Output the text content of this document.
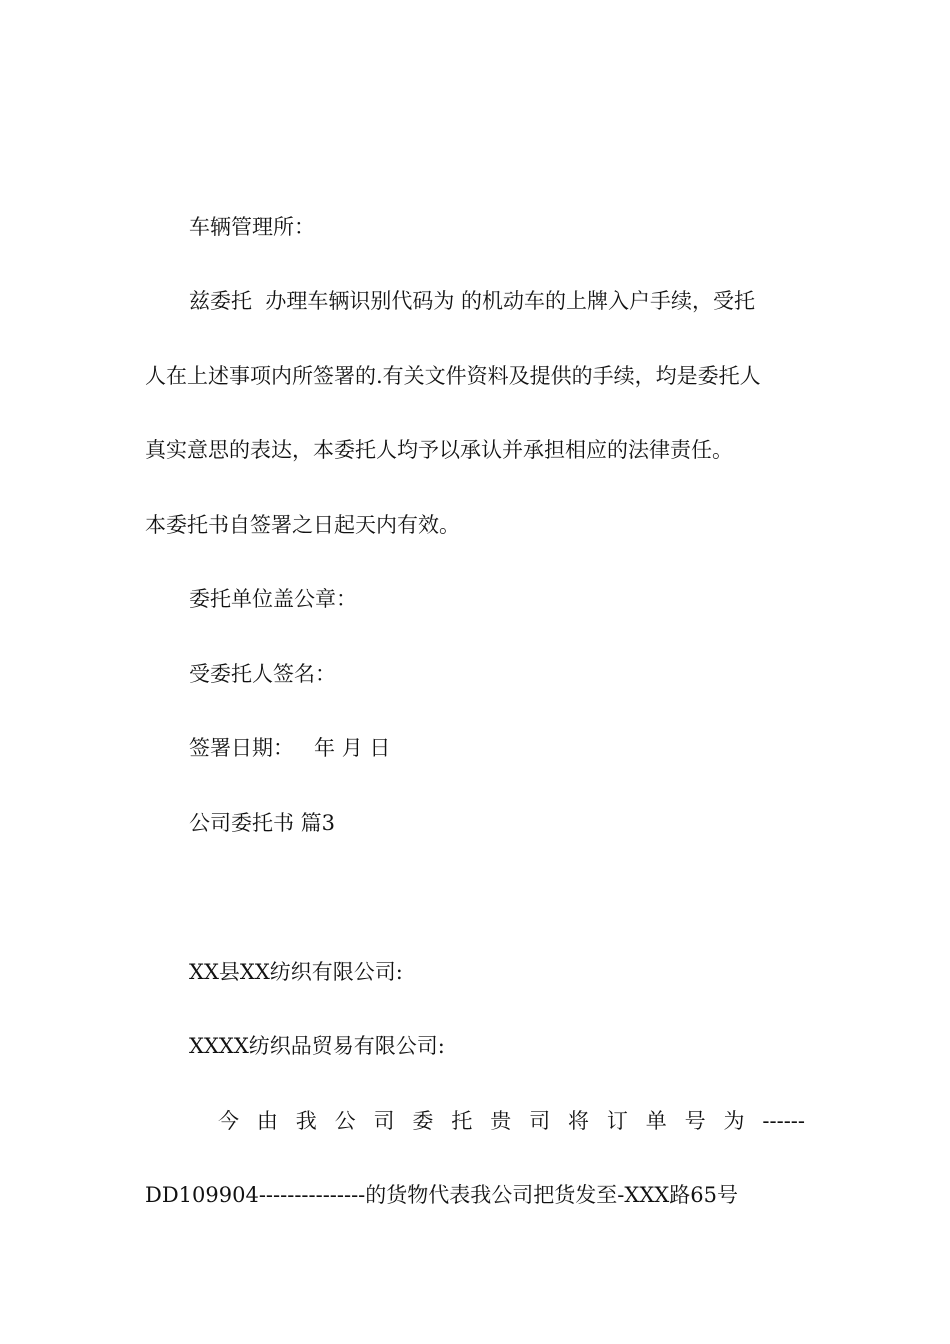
车辆管理所：
兹委托  办理车辆识别代码为 的机动车的上牌入户手续，受托
人在上述事项内所签署的.有关文件资料及提供的手续，均是委托人
真实意思的表达，本委托人均予以承认并承担相应的法律责任。
本委托书自签署之日起天内有效。
委托单位盖公章：
受委托人签名：
签署日期：   年 月 日
公司委托书 篇3
XX县XX纺织有限公司:
XXXX纺织品贸易有限公司:
今由我公司委托贵司将订单号为------
DD109904---------------的货物代表我公司把货发至-XXX路65号
